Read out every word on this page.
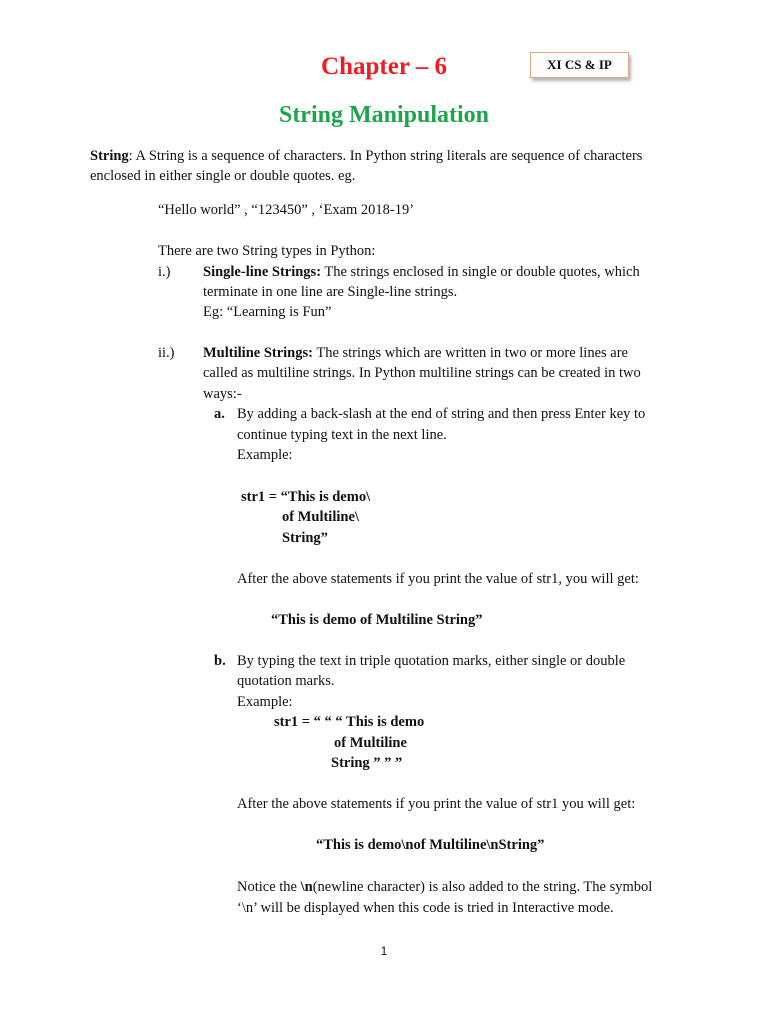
Chapter – 6	XI CS & IP
String Manipulation
String: A String is a sequence of characters. In Python string literals are sequence of characters
enclosed in either single or double quotes. eg.
“Hello world” , “123450” , ‘Exam 2018-19’
There are two String types in Python:
i.) Single-line Strings: The strings enclosed in single or double quotes, which
terminate in one line are Single-line strings.
Eg: “Learning is Fun”
ii.) Multiline Strings: The strings which are written in two or more lines are
called as multiline strings. In Python multiline strings can be created in two
ways:-
a. By adding a back-slash at the end of string and then press Enter key to
continue typing text in the next line.
Example:
str1 = “This is demo\
of Multiline\
String”
After the above statements if you print the value of str1, you will get:
“This is demo of Multiline String”
b. By typing the text in triple quotation marks, either single or double
quotation marks.
Example:
str1 = “ “ “ This is demo
of Multiline
String ” ” ”
After the above statements if you print the value of str1 you will get:
“This is demo\nof Multiline\nString”
Notice the \n(newline character) is also added to the string. The symbol
‘\n’ will be displayed when this code is tried in Interactive mode.
1
